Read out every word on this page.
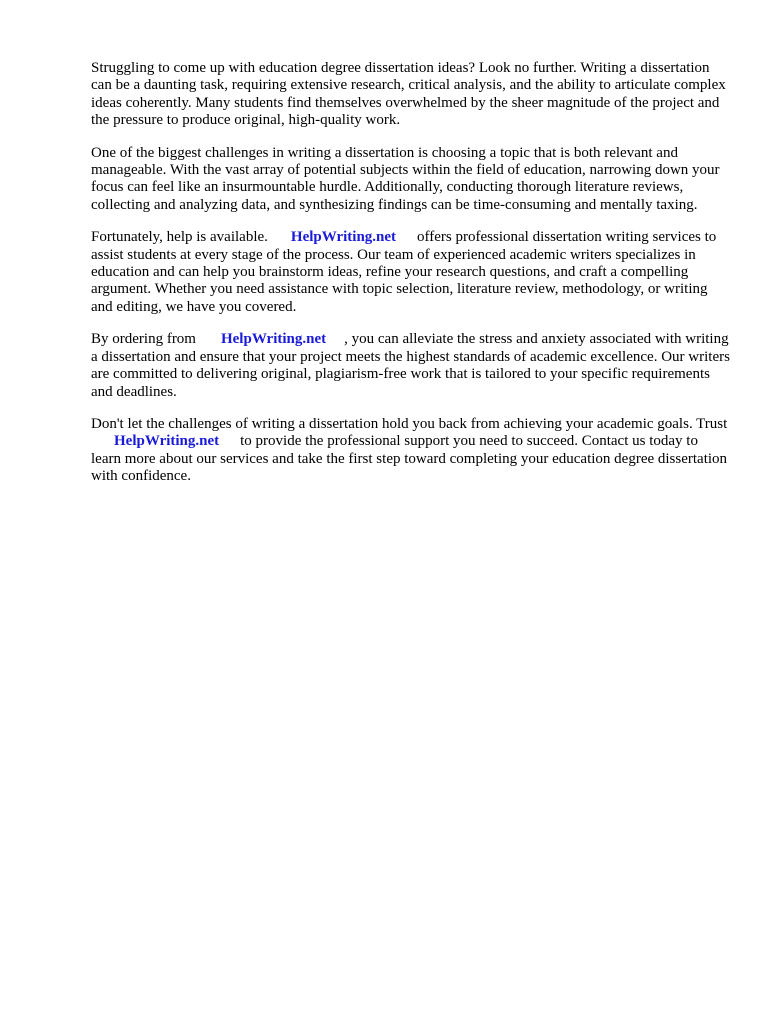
Struggling to come up with education degree dissertation ideas? Look no further. Writing a dissertation can be a daunting task, requiring extensive research, critical analysis, and the ability to articulate complex ideas coherently. Many students find themselves overwhelmed by the sheer magnitude of the project and the pressure to produce original, high-quality work.

One of the biggest challenges in writing a dissertation is choosing a topic that is both relevant and manageable. With the vast array of potential subjects within the field of education, narrowing down your focus can feel like an insurmountable hurdle. Additionally, conducting thorough literature reviews, collecting and analyzing data, and synthesizing findings can be time-consuming and mentally taxing.

Fortunately, help is available. HelpWriting.net offers professional dissertation writing services to assist students at every stage of the process. Our team of experienced academic writers specializes in education and can help you brainstorm ideas, refine your research questions, and craft a compelling argument. Whether you need assistance with topic selection, literature review, methodology, or writing and editing, we have you covered.

By ordering from HelpWriting.net , you can alleviate the stress and anxiety associated with writing a dissertation and ensure that your project meets the highest standards of academic excellence. Our writers are committed to delivering original, plagiarism-free work that is tailored to your specific requirements and deadlines.

Don't let the challenges of writing a dissertation hold you back from achieving your academic goals. TrustHelpWriting.net to provide the professional support you need to succeed. Contact us today to learn more about our services and take the first step toward completing your education degree dissertation with confidence.
